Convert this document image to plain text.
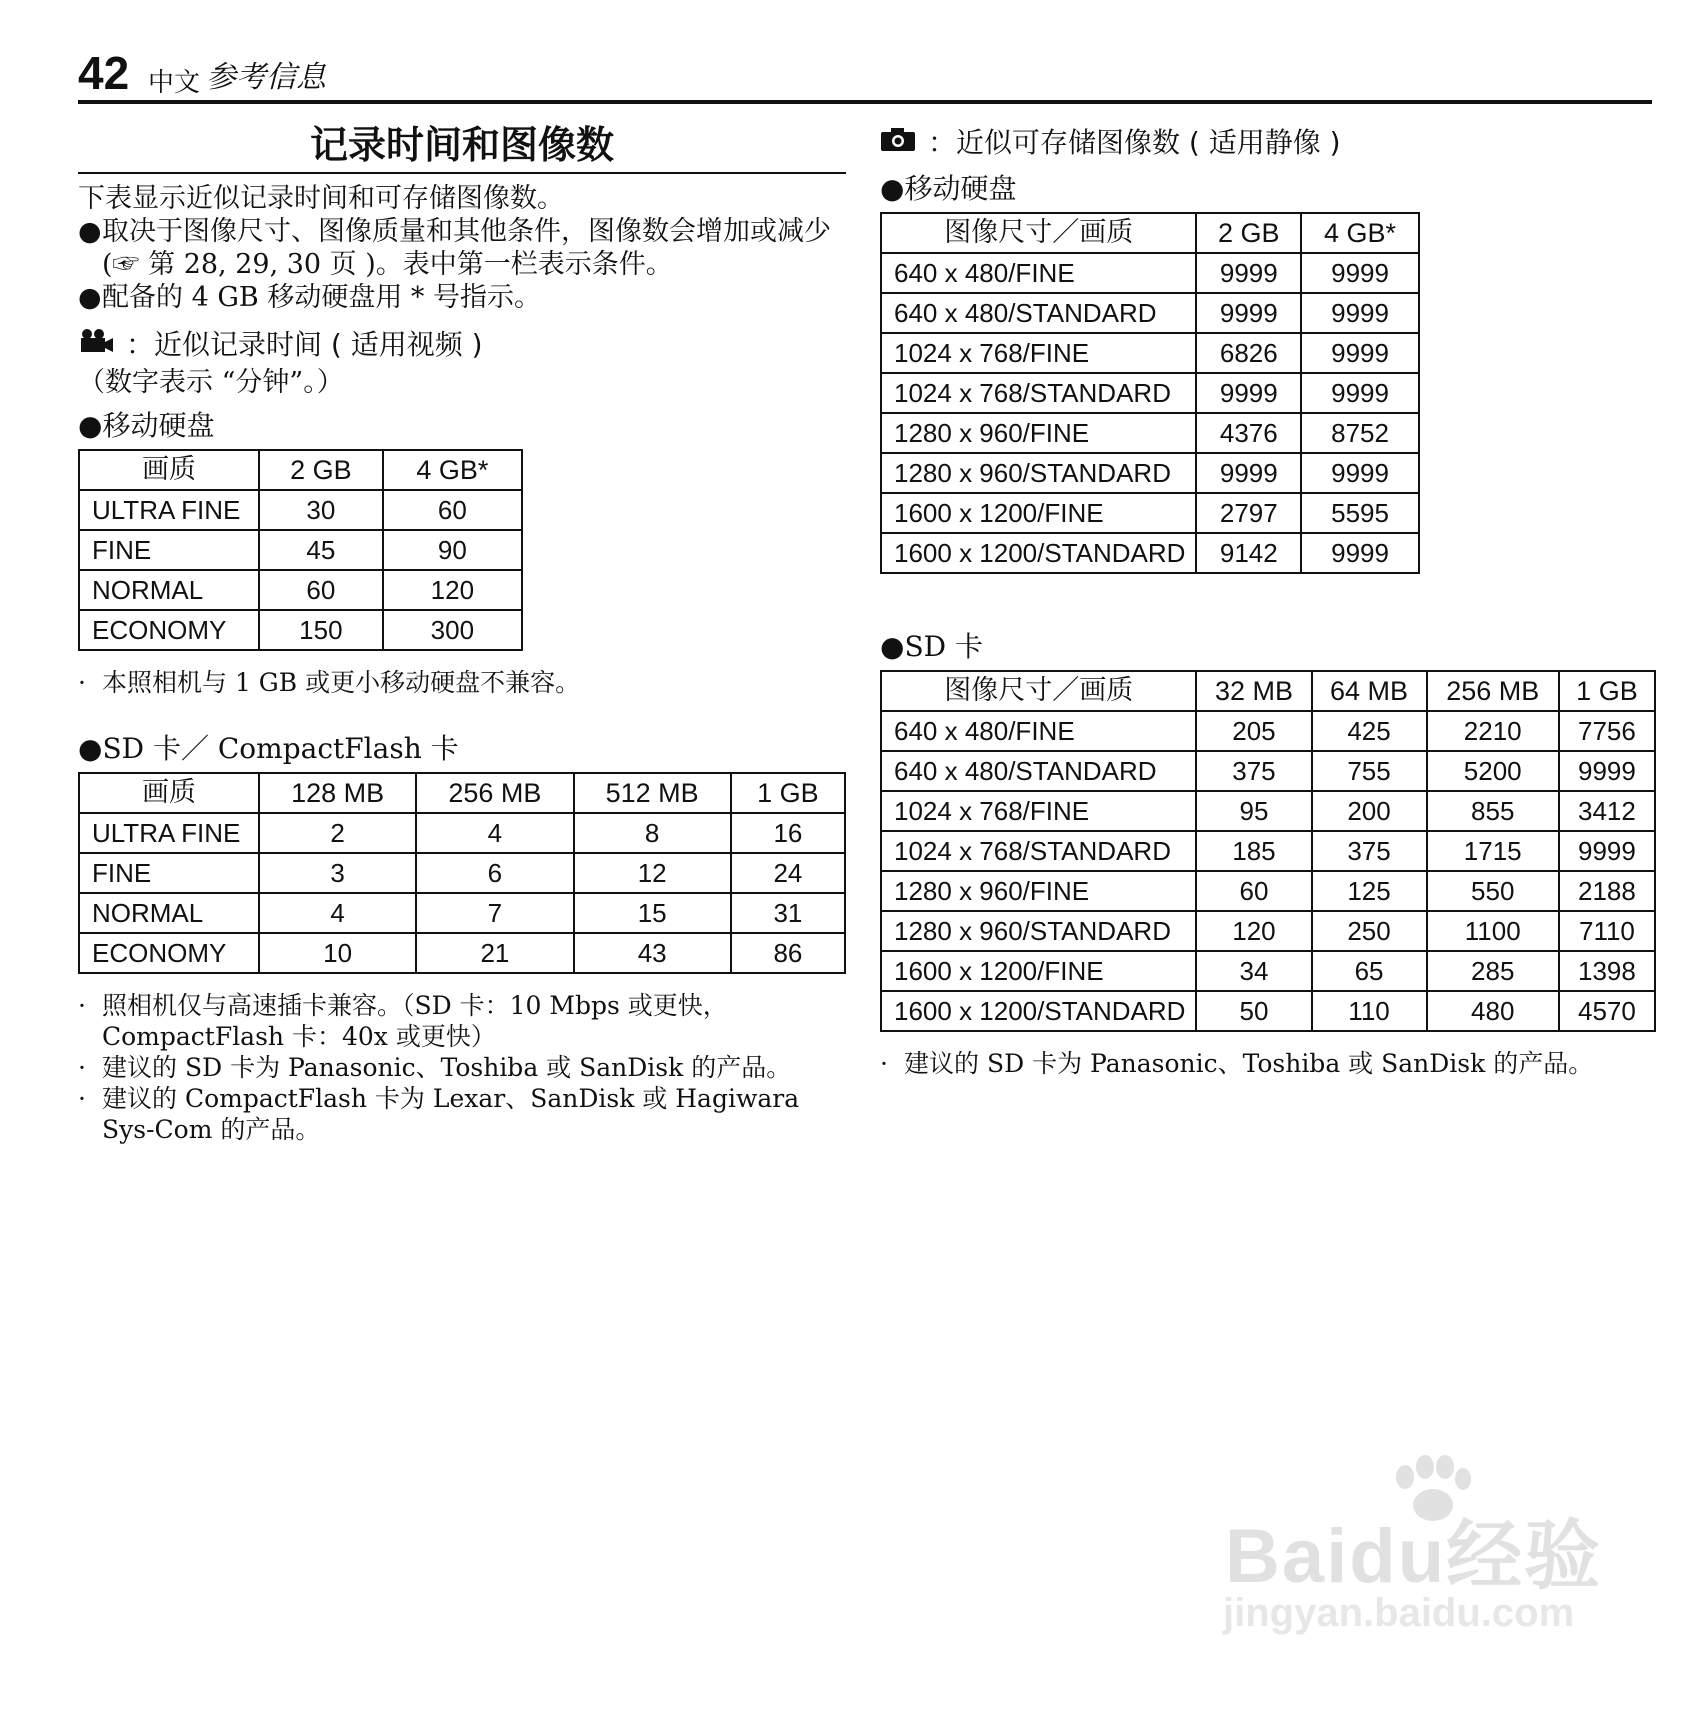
42 中文 参考信息
记录时间和图像数

下表显示近似记录时间和可存储图像数。

● 取决于图像尺寸、图像质量和其他条件，图像数会增加或减少 (☞ 第 28, 29, 30 页 )。表中第一栏表示条件。
● 配备的 4 GB 移动硬盘用 * 号指示。
：近似记录时间 ( 适用视频 )

（数字表示 “分钟”。）

●移动硬盘
画质	2 GB	4 GB*
ULTRA FINE	30	60
FINE	45	90
NORMAL	60	120
ECONOMY	150	300
· 本照相机与 1 GB 或更小移动硬盘不兼容。
●SD 卡／ CompactFlash 卡
画质	128 MB	256 MB	512 MB	1 GB
ULTRA FINE	2	4	8	16
FINE	3	6	12	24
NORMAL	4	7	15	31
ECONOMY	10	21	43	86
· 照相机仅与高速插卡兼容。（SD 卡：10 Mbps 或更快，CompactFlash 卡：40x 或更快）
· 建议的 SD 卡为 Panasonic、Toshiba 或 SanDisk 的产品。
· 建议的 CompactFlash 卡为 Lexar、SanDisk 或 Hagiwara Sys-Com 的产品。
：近似可存储图像数 ( 适用静像 )
●移动硬盘
图像尺寸／画质	2 GB	4 GB*
640 x 480/FINE	9999	9999
640 x 480/STANDARD	9999	9999
1024 x 768/FINE	6826	9999
1024 x 768/STANDARD	9999	9999
1280 x 960/FINE	4376	8752
1280 x 960/STANDARD	9999	9999
1600 x 1200/FINE	2797	5595
1600 x 1200/STANDARD	9142	9999
●SD 卡
图像尺寸／画质	32 MB	64 MB	256 MB	1 GB
640 x 480/FINE	205	425	2210	7756
640 x 480/STANDARD	375	755	5200	9999
1024 x 768/FINE	95	200	855	3412
1024 x 768/STANDARD	185	375	1715	9999
1280 x 960/FINE	60	125	550	2188
1280 x 960/STANDARD	120	250	1100	7110
1600 x 1200/FINE	34	65	285	1398
1600 x 1200/STANDARD	50	110	480	4570
· 建议的 SD 卡为 Panasonic、Toshiba 或 SanDisk 的产品。
Baidu经验
jingyan.baidu.com
